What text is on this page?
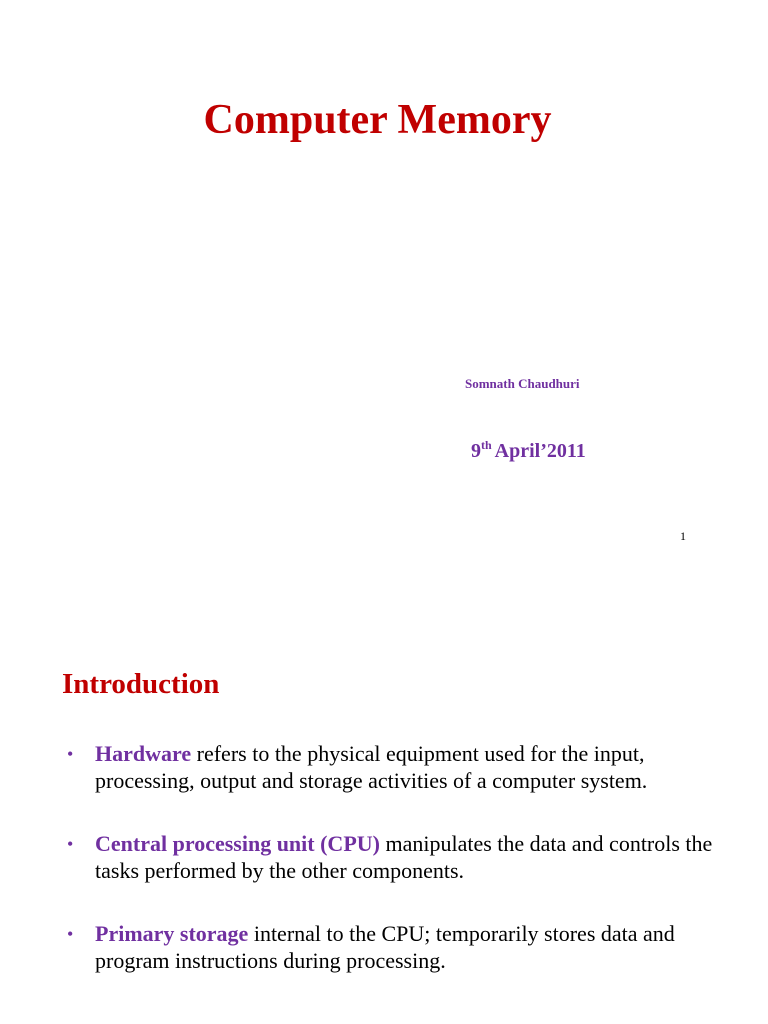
Computer Memory
Somnath Chaudhuri
9th April’2011
1
Introduction
• Hardware refers to the physical equipment used for the input, processing, output and storage activities of a computer system.
• Central processing unit (CPU) manipulates the data and controls the tasks performed by the other components.
• Primary storage internal to the CPU; temporarily stores data and program instructions during processing.
